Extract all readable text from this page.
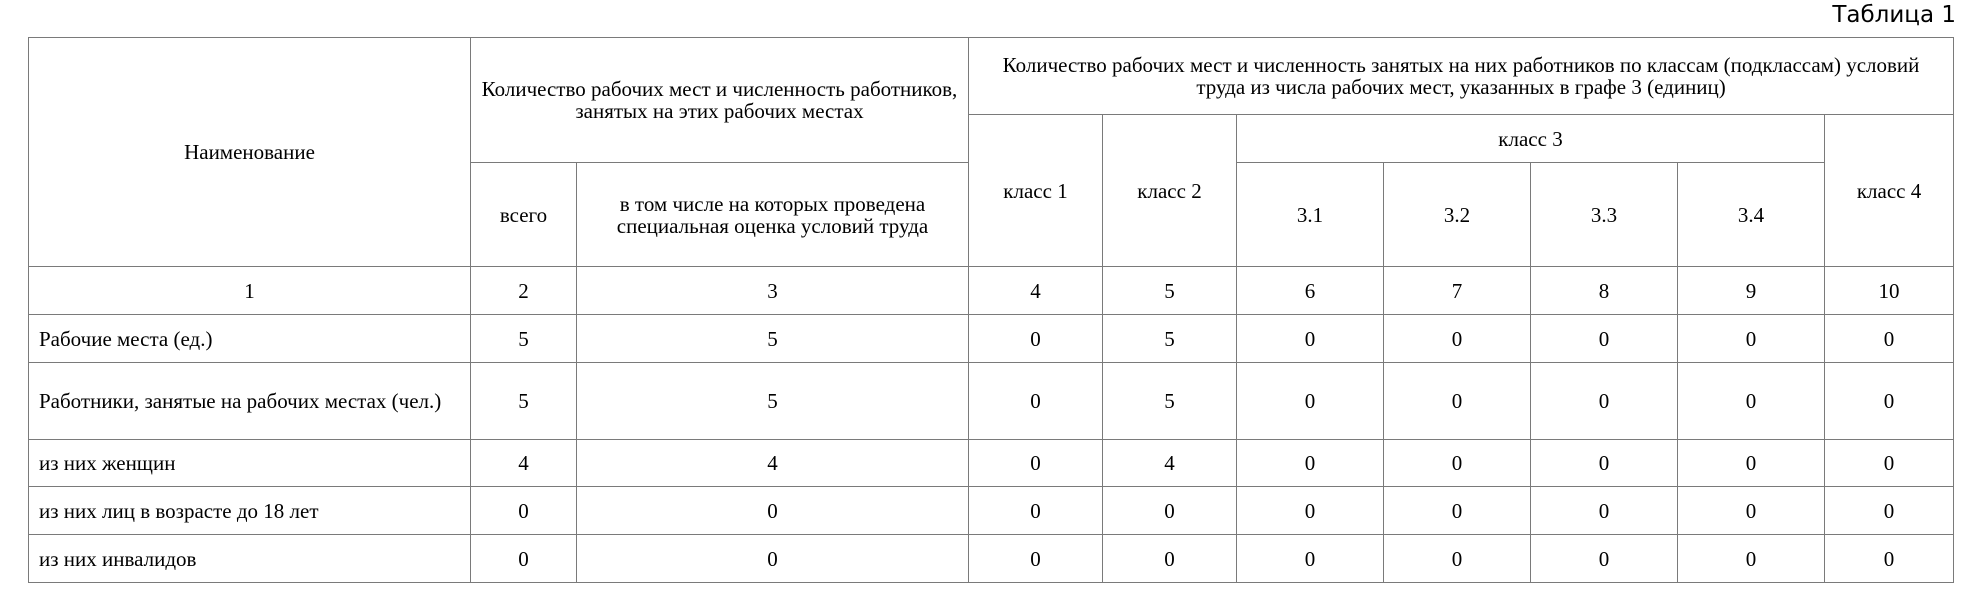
Таблица 1
Наименование	Количество рабочих мест и численность работников, занятых на этих рабочих местах		Количество рабочих мест и численность занятых на них работников по классам (подклассам) условий труда из числа рабочих мест, указанных в графе 3 (единиц)						
			класс 1	класс 2	класс 3				класс 4
	всего	в том числе на которых проведена специальная оценка условий труда			3.1	3.2	3.3	3.4	
1	2	3	4	5	6	7	8	9	10
Рабочие места (ед.)	5	5	0	5	0	0	0	0	0
Работники, занятые на рабочих местах (чел.)	5	5	0	5	0	0	0	0	0
из них женщин	4	4	0	4	0	0	0	0	0
из них лиц в возрасте до 18 лет	0	0	0	0	0	0	0	0	0
из них инвалидов	0	0	0	0	0	0	0	0	0
